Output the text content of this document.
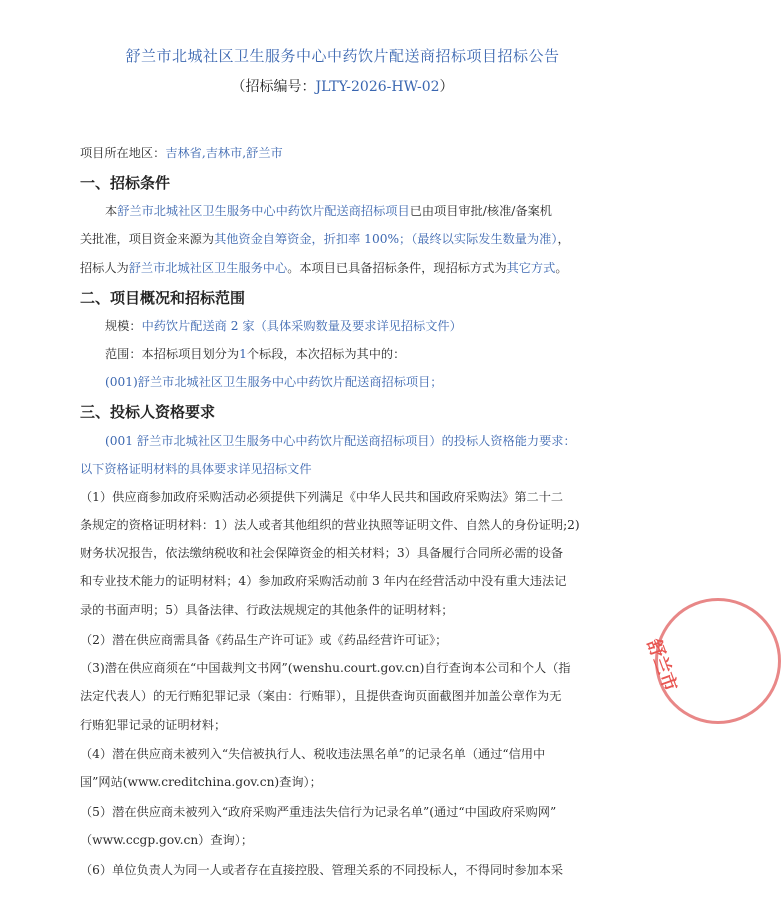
舒兰市北城社区卫生服务中心中药饮片配送商招标项目招标公告
（招标编号：JLTY-2026-HW-02）
项目所在地区：吉林省,吉林市,舒兰市
一、招标条件
本舒兰市北城社区卫生服务中心中药饮片配送商招标项目已由项目审批/核准/备案机
关批准，项目资金来源为其他资金自筹资金，折扣率 100%；（最终以实际发生数量为准），
招标人为舒兰市北城社区卫生服务中心。本项目已具备招标条件，现招标方式为其它方式。
二、项目概况和招标范围
规模：中药饮片配送商 2 家（具体采购数量及要求详见招标文件）
范围：本招标项目划分为1个标段，本次招标为其中的：
(001)舒兰市北城社区卫生服务中心中药饮片配送商招标项目；
三、投标人资格要求
(001 舒兰市北城社区卫生服务中心中药饮片配送商招标项目）的投标人资格能力要求：
以下资格证明材料的具体要求详见招标文件
（1）供应商参加政府采购活动必须提供下列满足《中华人民共和国政府采购法》第二十二
条规定的资格证明材料：1）法人或者其他组织的营业执照等证明文件、自然人的身份证明;2)
财务状况报告，依法缴纳税收和社会保障资金的相关材料；3）具备履行合同所必需的设备
和专业技术能力的证明材料；4）参加政府采购活动前 3 年内在经营活动中没有重大违法记
录的书面声明；5）具备法律、行政法规规定的其他条件的证明材料；
（2）潜在供应商需具备《药品生产许可证》或《药品经营许可证》；
（3)潜在供应商须在“中国裁判文书网”(wenshu.court.gov.cn)自行查询本公司和个人（指
法定代表人）的无行贿犯罪记录（案由：行贿罪），且提供查询页面截图并加盖公章作为无
行贿犯罪记录的证明材料；
（4）潜在供应商未被列入“失信被执行人、税收违法黑名单”的记录名单（通过“信用中
国”网站(www.creditchina.gov.cn)查询）；
（5）潜在供应商未被列入“政府采购严重违法失信行为记录名单”(通过“中国政府采购网”
（www.ccgp.gov.cn）查询）；
（6）单位负责人为同一人或者存在直接控股、管理关系的不同投标人，不得同时参加本采
舒兰市
